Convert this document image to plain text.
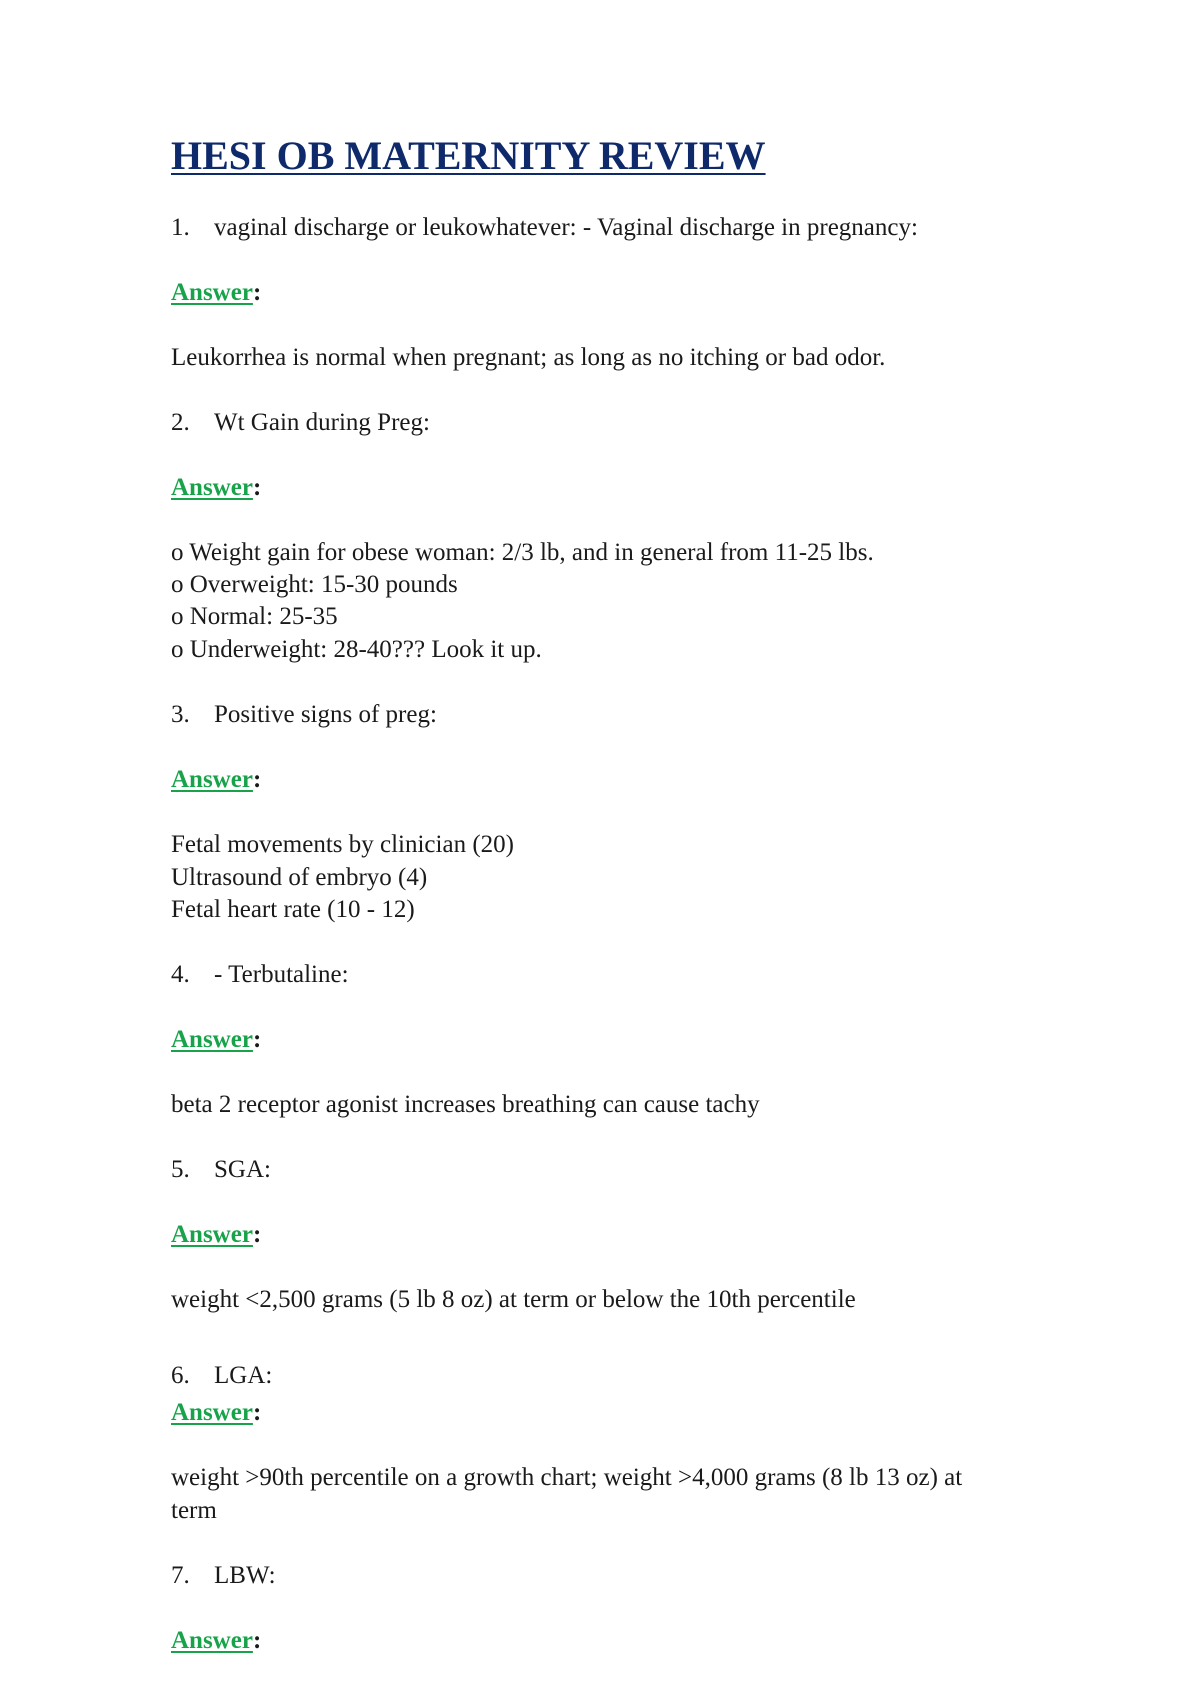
HESI OB MATERNITY REVIEW

1. vaginal discharge or leukowhatever: - Vaginal discharge in pregnancy:

Answer:

Leukorrhea is normal when pregnant; as long as no itching or bad odor.

2. Wt Gain during Preg:

Answer:

o Weight gain for obese woman: 2/3 lb, and in general from 11-25 lbs.

o Overweight: 15-30 pounds

o Normal: 25-35

o Underweight: 28-40??? Look it up.

3. Positive signs of preg:

Answer:

Fetal movements by clinician (20)

Ultrasound of embryo (4)

Fetal heart rate (10 - 12)

4. - Terbutaline:

Answer:

beta 2 receptor agonist increases breathing can cause tachy

5. SGA:

Answer:

weight <2,500 grams (5 lb 8 oz) at term or below the 10th percentile

6. LGA:

Answer:

weight >90th percentile on a growth chart; weight >4,000 grams (8 lb 13 oz) at

term

7. LBW:

Answer:
